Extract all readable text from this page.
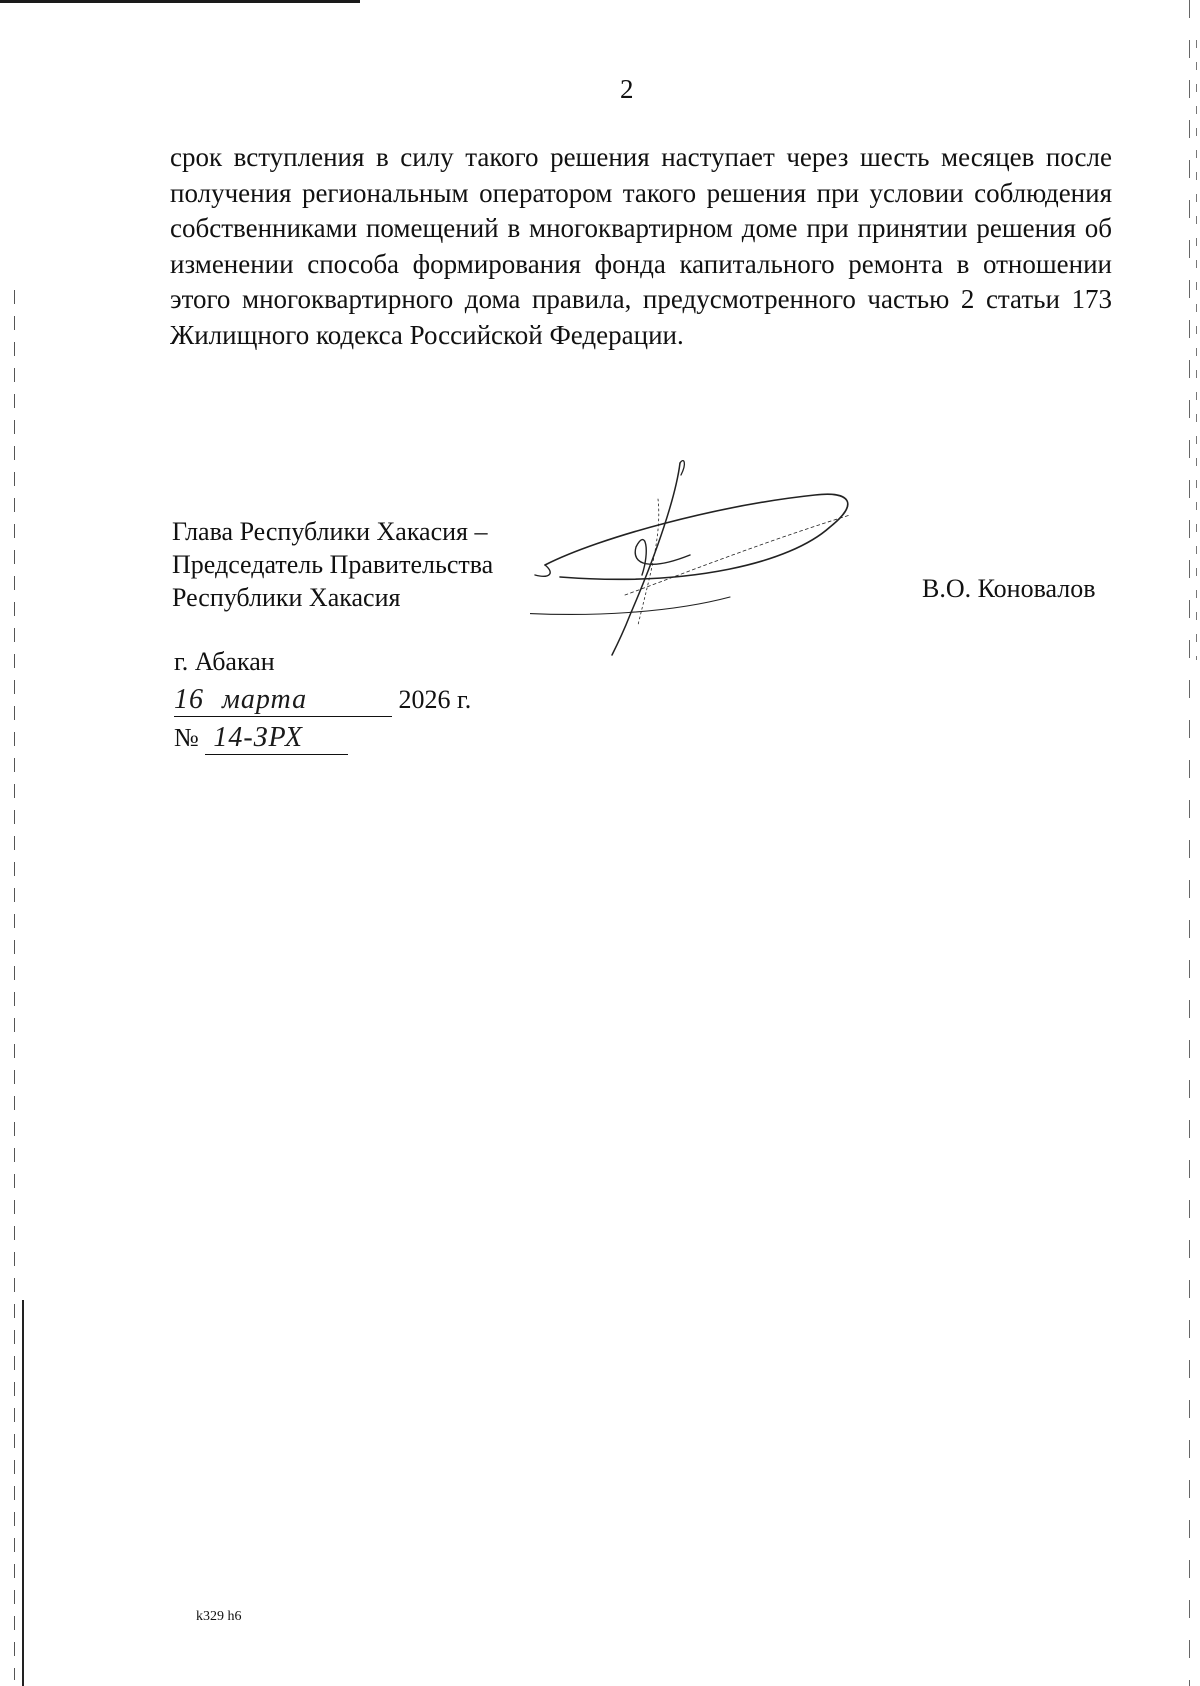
2

срок вступления в силу такого решения наступает через шесть месяцев после получения региональным оператором такого решения при условии соблюдения собственниками помещений в многоквартирном доме при принятии решения об изменении способа формирования фонда капитального ремонта в отношении этого многоквартирного дома правила, предусмотренного частью 2 статьи 173 Жилищного кодекса Российской Федерации.

Глава Республики Хакасия –
Председатель Правительства
Республики Хакасия	В.О. Коновалов
г. Абакан
16 марта	2026 г.
№ 14-ЗРХ
k329 h6
